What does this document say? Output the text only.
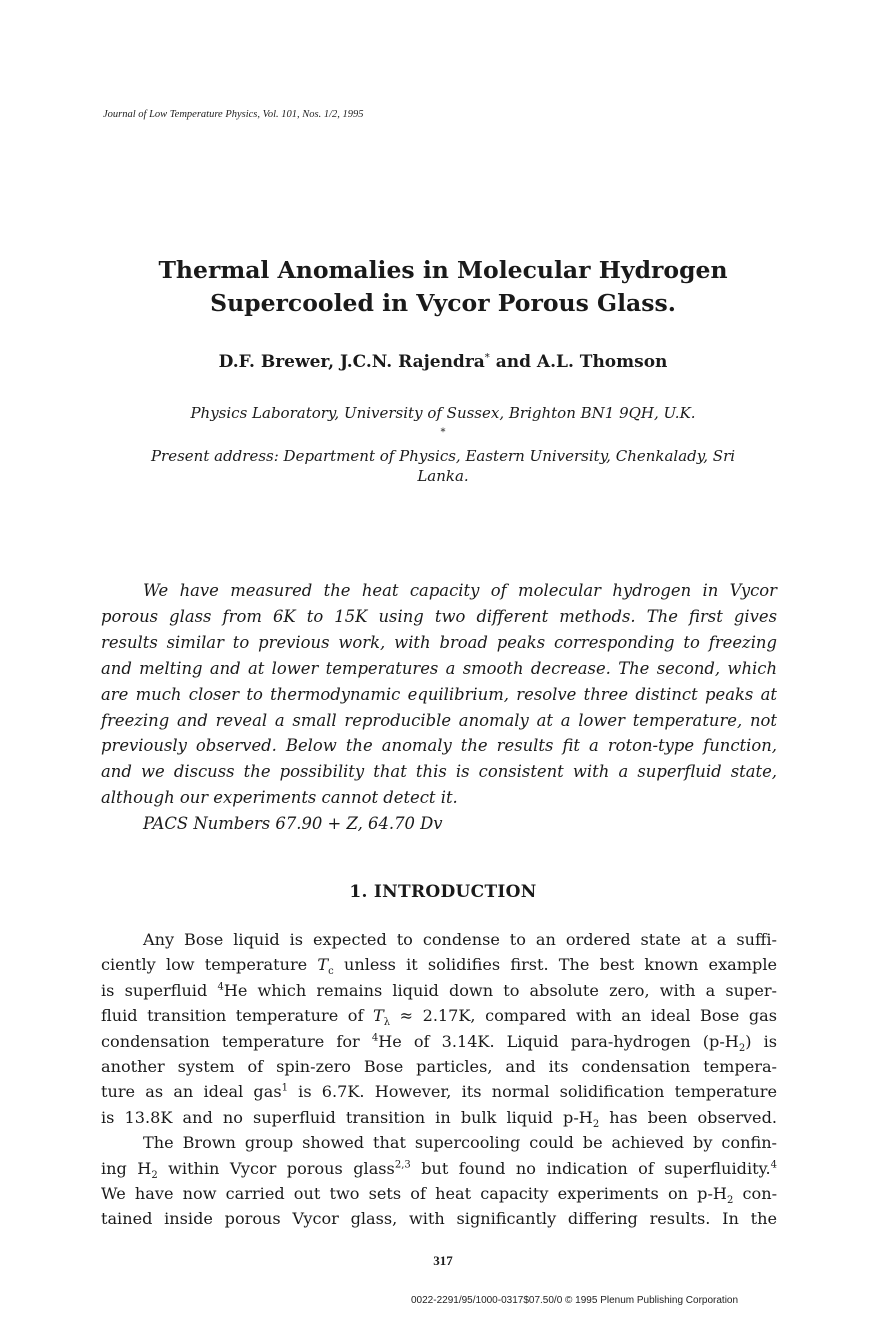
Journal of Low Temperature Physics, Vol. 101, Nos. 1/2, 1995
Thermal Anomalies in Molecular Hydrogen
Supercooled in Vycor Porous Glass.
D.F. Brewer, J.C.N. Rajendra* and A.L. Thomson
Physics Laboratory, University of Sussex, Brighton BN1 9QH, U.K.
*
Present address: Department of Physics, Eastern University, Chenkalady, Sri
Lanka.
We have measured the heat capacity of molecular hydrogen in Vycor
porous glass from 6K to 15K using two different methods. The first gives
results similar to previous work, with broad peaks corresponding to freezing
and melting and at lower temperatures a smooth decrease. The second, which
are much closer to thermodynamic equilibrium, resolve three distinct peaks at
freezing and reveal a small reproducible anomaly at a lower temperature, not
previously observed. Below the anomaly the results fit a roton-type function,
and we discuss the possibility that this is consistent with a superfluid state,
although our experiments cannot detect it.
PACS Numbers 67.90 + Z, 64.70 Dv
1. INTRODUCTION
Any Bose liquid is expected to condense to an ordered state at a suffi-
ciently low temperature $T_c$ unless it solidifies first. The best known example
is superfluid $^4$He which remains liquid down to absolute zero, with a super-
fluid transition temperature of $T_\lambda \approx 2.17K$, compared with an ideal Bose gas
condensation temperature for $^4$He of 3.14K. Liquid para-hydrogen $(p-H_2)$ is
another system of spin-zero Bose particles, and its condensation tempera-
ture as an ideal gas$^1$ is 6.7K. However, its normal solidification temperature
is 13.8K and no superfluid transition in bulk liquid $p-H_2$ has been observed.
The Brown group showed that supercooling could be achieved by confin-
ing $H_2$ within Vycor porous glass$^{2,3}$ but found no indication of superfluidity.$^4$
We have now carried out two sets of heat capacity experiments on $p-H_2$ con-
tained inside porous Vycor glass, with significantly differing results. In the
317
0022-2291/95/1000-0317$07.50/0 © 1995 Plenum Publishing Corporation
